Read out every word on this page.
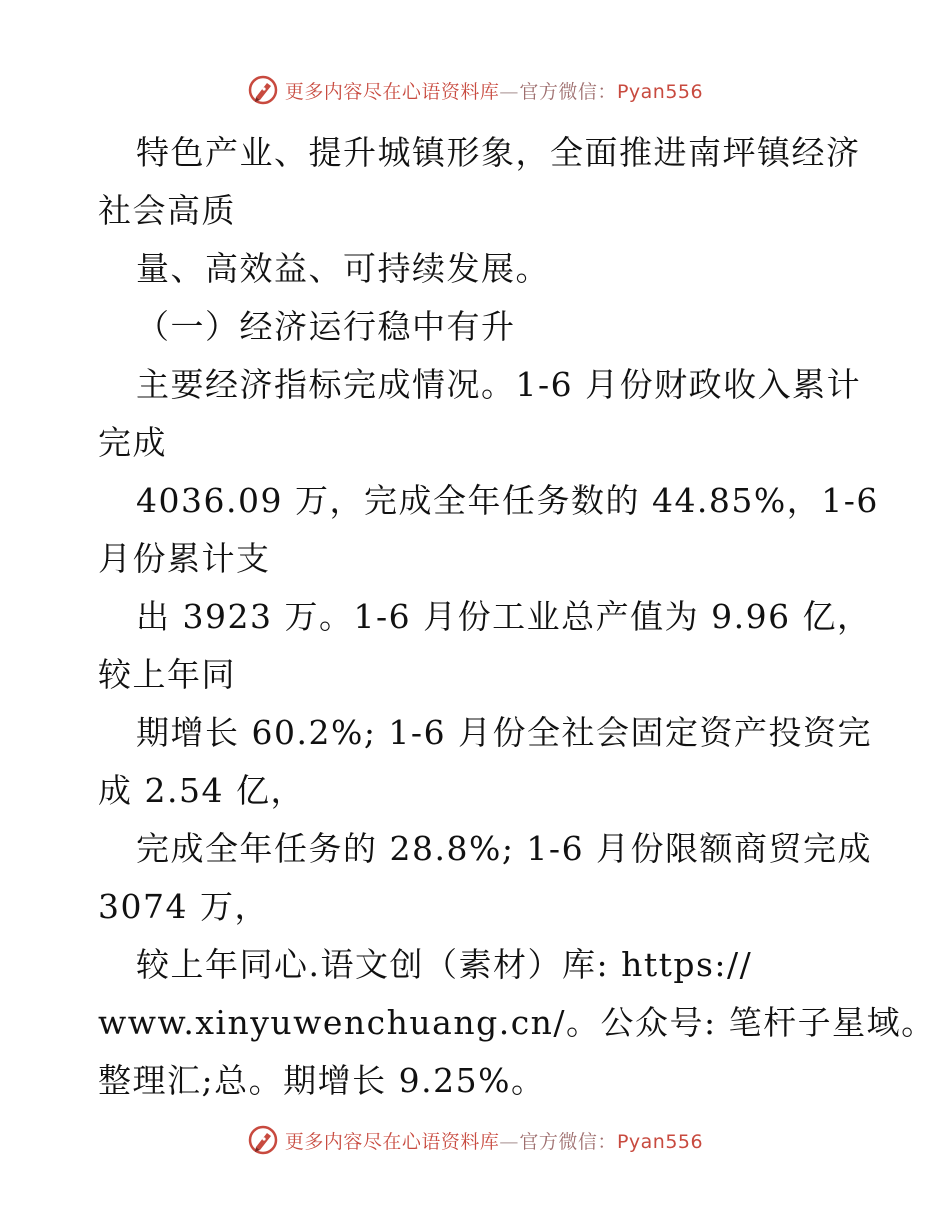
更多内容尽在心语资料库—官方微信：Pyan556
特色产业、提升城镇形象，全面推进南坪镇经济
社会高质
量、高效益、可持续发展。
（一）经济运行稳中有升
主要经济指标完成情况。1-6 月份财政收入累计
完成
4036.09 万，完成全年任务数的 44.85%，1-6
月份累计支
出 3923 万。1-6 月份工业总产值为 9.96 亿，
较上年同
期增长 60.2%; 1-6 月份全社会固定资产投资完
成 2.54 亿，
完成全年任务的 28.8%; 1-6 月份限额商贸完成
3074 万，
较上年同心.语文创（素材）库: https://
www.xinyuwenchuang.cn/。公众号: 笔杆子星域。
整理汇;总。期增长 9.25%。
更多内容尽在心语资料库—官方微信：Pyan556
